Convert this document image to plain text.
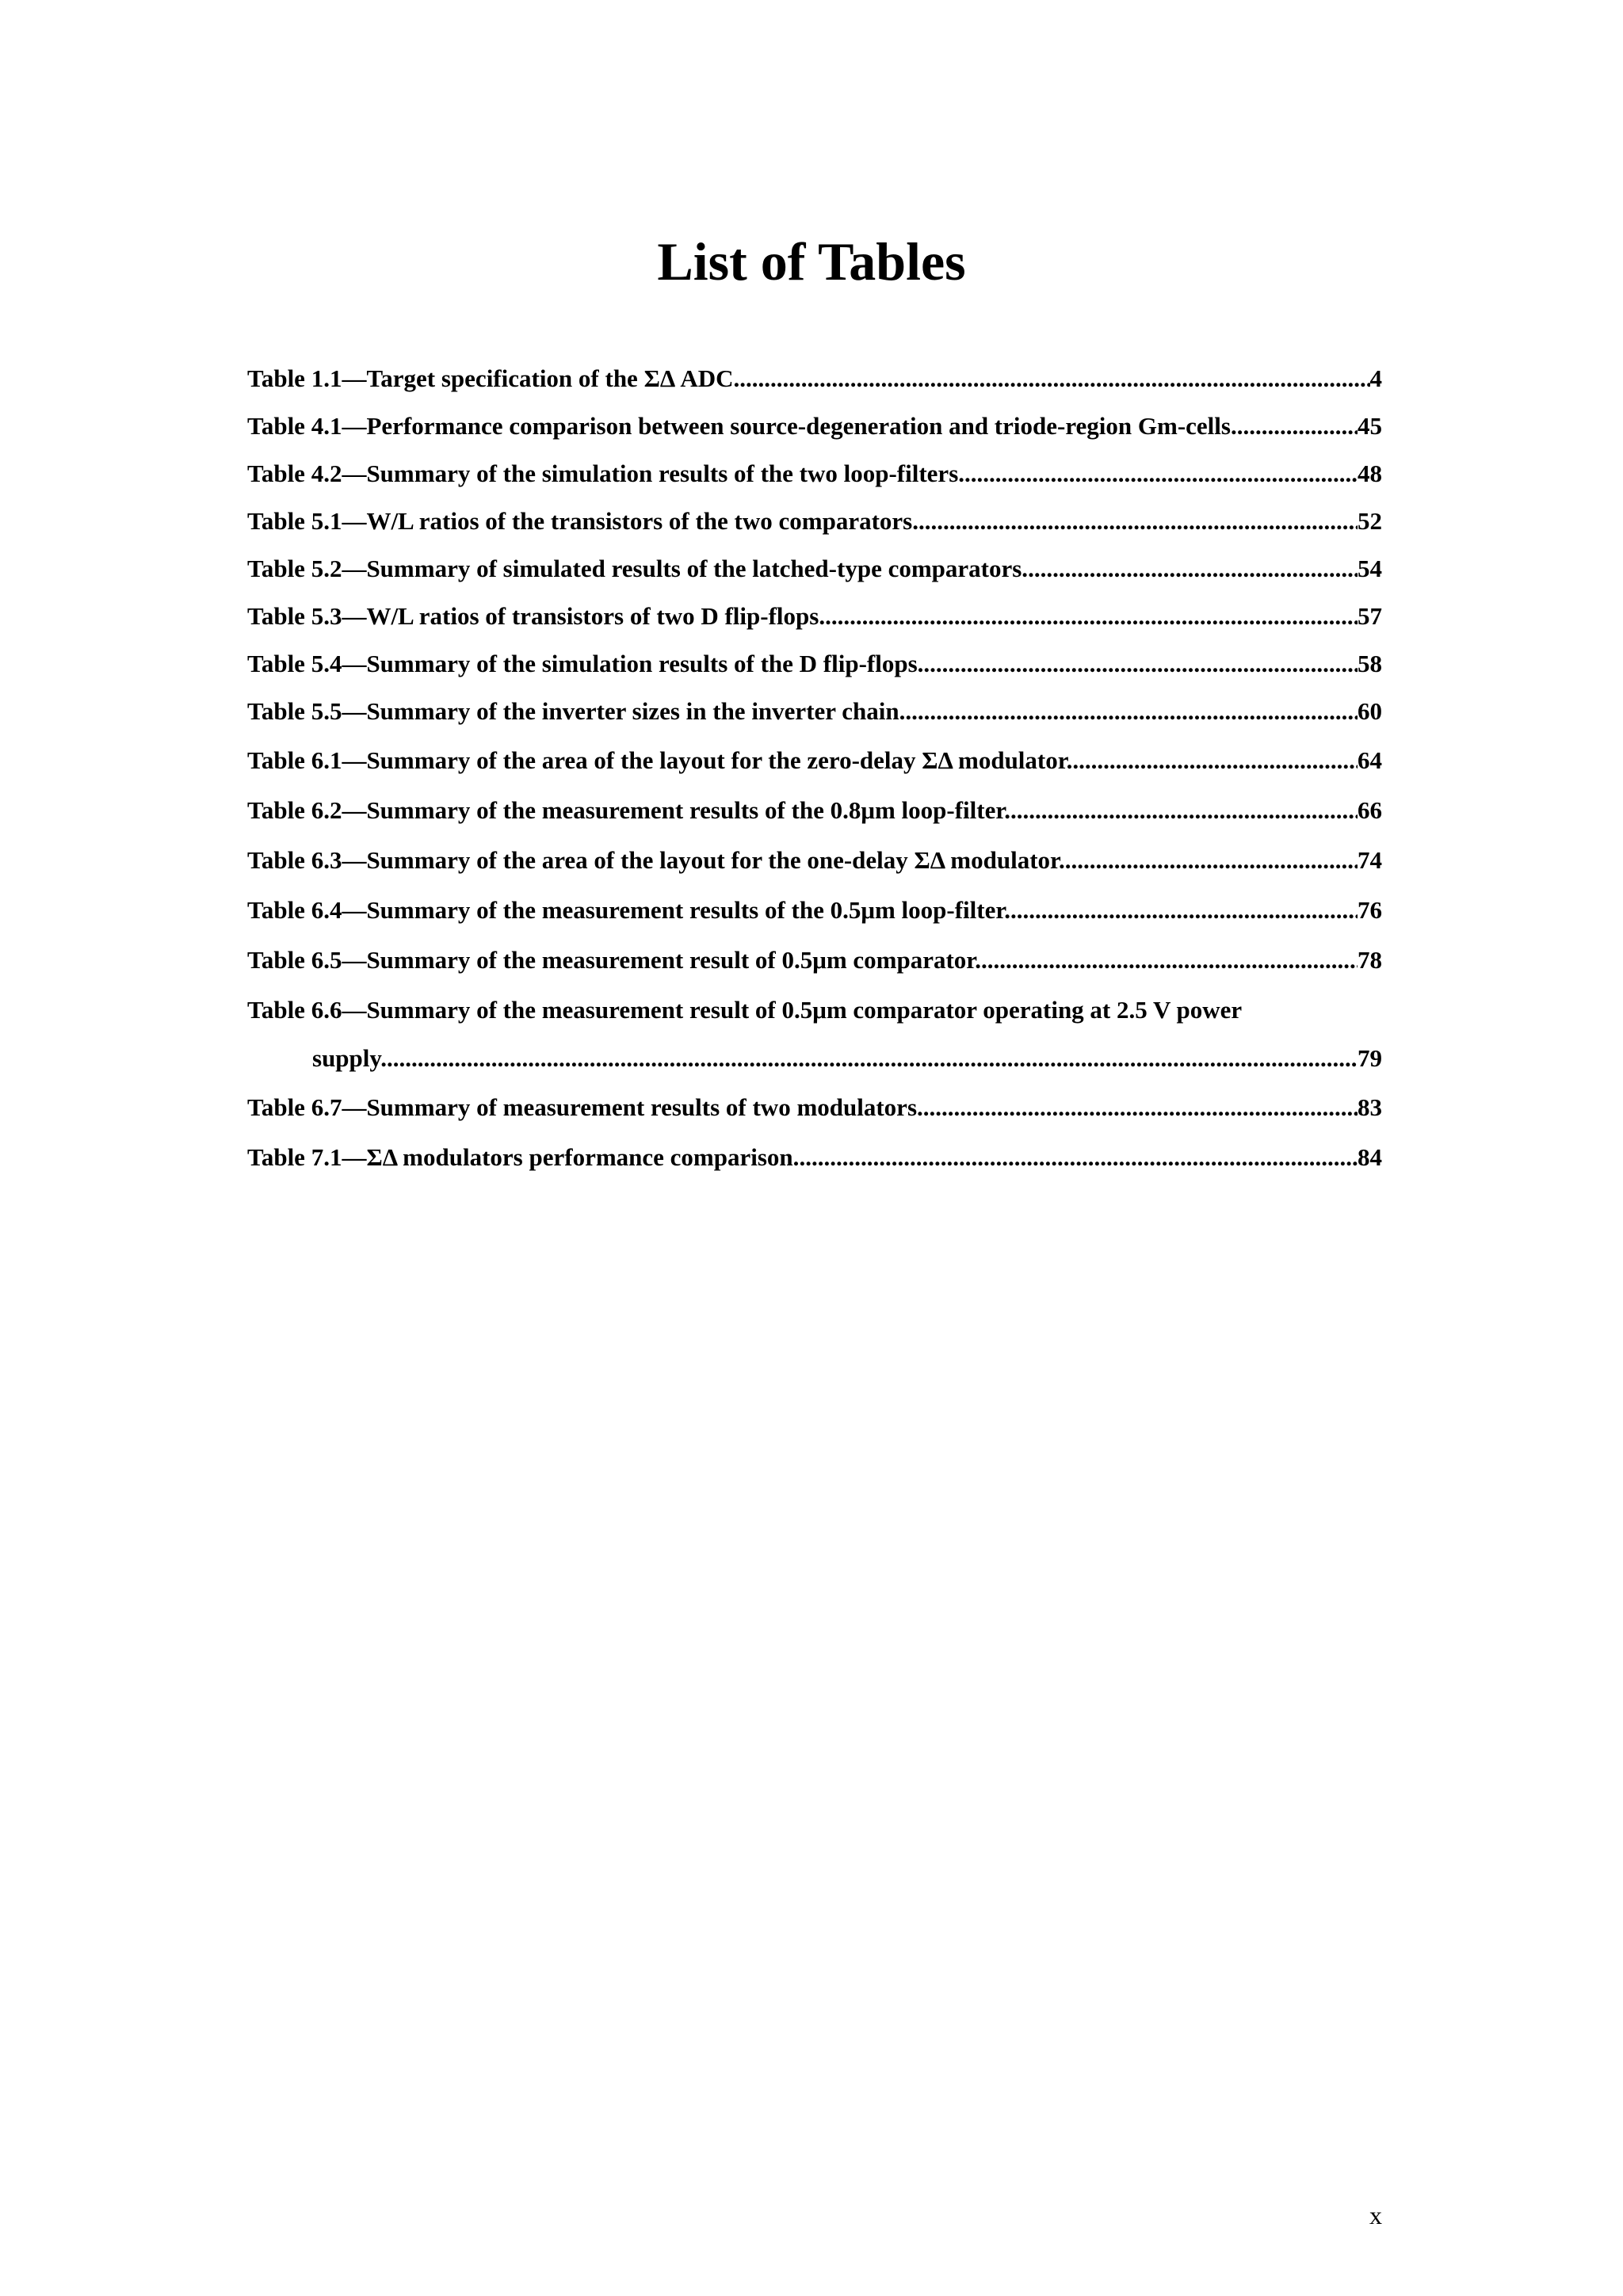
List of Tables
Table 1.1—Target specification of the ΣΔ ADC. .....	4
Table 4.1—Performance comparison between source-degeneration and triode-region Gm-cells. .....	45
Table 4.2—Summary of the simulation results of the two loop-filters. .....	48
Table 5.1—W/L ratios of the transistors of the two comparators. .....	52
Table 5.2—Summary of simulated results of the latched-type comparators. .....	54
Table 5.3—W/L ratios of transistors of two D flip-flops. .....	57
Table 5.4—Summary of the simulation results of the D flip-flops. .....	58
Table 5.5—Summary of the inverter sizes in the inverter chain. .....	60
Table 6.1—Summary of the area of the layout for the zero-delay ΣΔ modulator. .....	64
Table 6.2—Summary of the measurement results of the 0.8μm loop-filter. .....	66
Table 6.3—Summary of the area of the layout for the one-delay ΣΔ modulator. .....	74
Table 6.4—Summary of the measurement results of the 0.5μm loop-filter. .....	76
Table 6.5—Summary of the measurement result of 0.5μm comparator. .....	78
Table 6.6—Summary of the measurement result of 0.5μm comparator operating at 2.5 V power
supply. .....	79
Table 6.7—Summary of measurement results of two modulators. .....	83
Table 7.1—ΣΔ modulators performance comparison. .....	84
x
